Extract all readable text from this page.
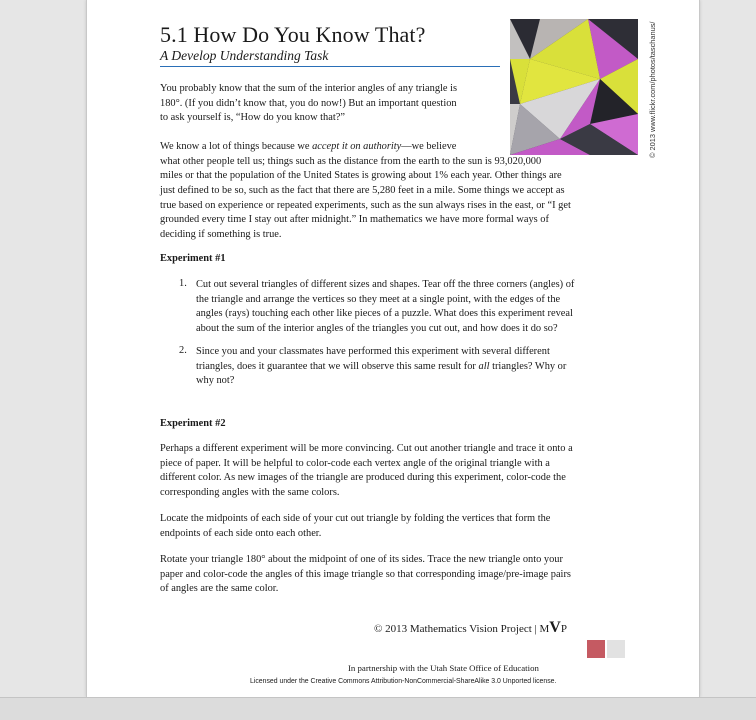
5.1 How Do You Know That?
A Develop Understanding Task	© 2013 www.flickr.com/photos/taschanus/
You probably know that the sum of the interior angles of any triangle is
180°. (If you didn’t know that, you do now!) But an important question
to ask yourself is, “How do you know that?”
We know a lot of things because we accept it on authority—we believe
what other people tell us; things such as the distance from the earth to the sun is 93,020,000
miles or that the population of the United States is growing about 1% each year. Other things are
just defined to be so, such as the fact that there are 5,280 feet in a mile. Some things we accept as
true based on experience or repeated experiments, such as the sun always rises in the east, or “I get
grounded every time I stay out after midnight.” In mathematics we have more formal ways of
deciding if something is true.
Experiment #1
1. Cut out several triangles of different sizes and shapes. Tear off the three corners (angles) of
the triangle and arrange the vertices so they meet at a single point, with the edges of the
angles (rays) touching each other like pieces of a puzzle. What does this experiment reveal
about the sum of the interior angles of the triangles you cut out, and how does it do so?
2. Since you and your classmates have performed this experiment with several different
triangles, does it guarantee that we will observe this same result for all triangles? Why or
why not?
Experiment #2
Perhaps a different experiment will be more convincing. Cut out another triangle and trace it onto a
piece of paper. It will be helpful to color-code each vertex angle of the original triangle with a
different color. As new images of the triangle are produced during this experiment, color-code the
corresponding angles with the same colors.
Locate the midpoints of each side of your cut out triangle by folding the vertices that form the
endpoints of each side onto each other.
Rotate your triangle 180° about the midpoint of one of its sides. Trace the new triangle onto your
paper and color-code the angles of this image triangle so that corresponding image/pre-image pairs
of angles are the same color.
© 2013 Mathematics Vision Project | MVP
In partnership with the Utah State Office of Education
Licensed under the Creative Commons Attribution-NonCommercial-ShareAlike 3.0 Unported license.
